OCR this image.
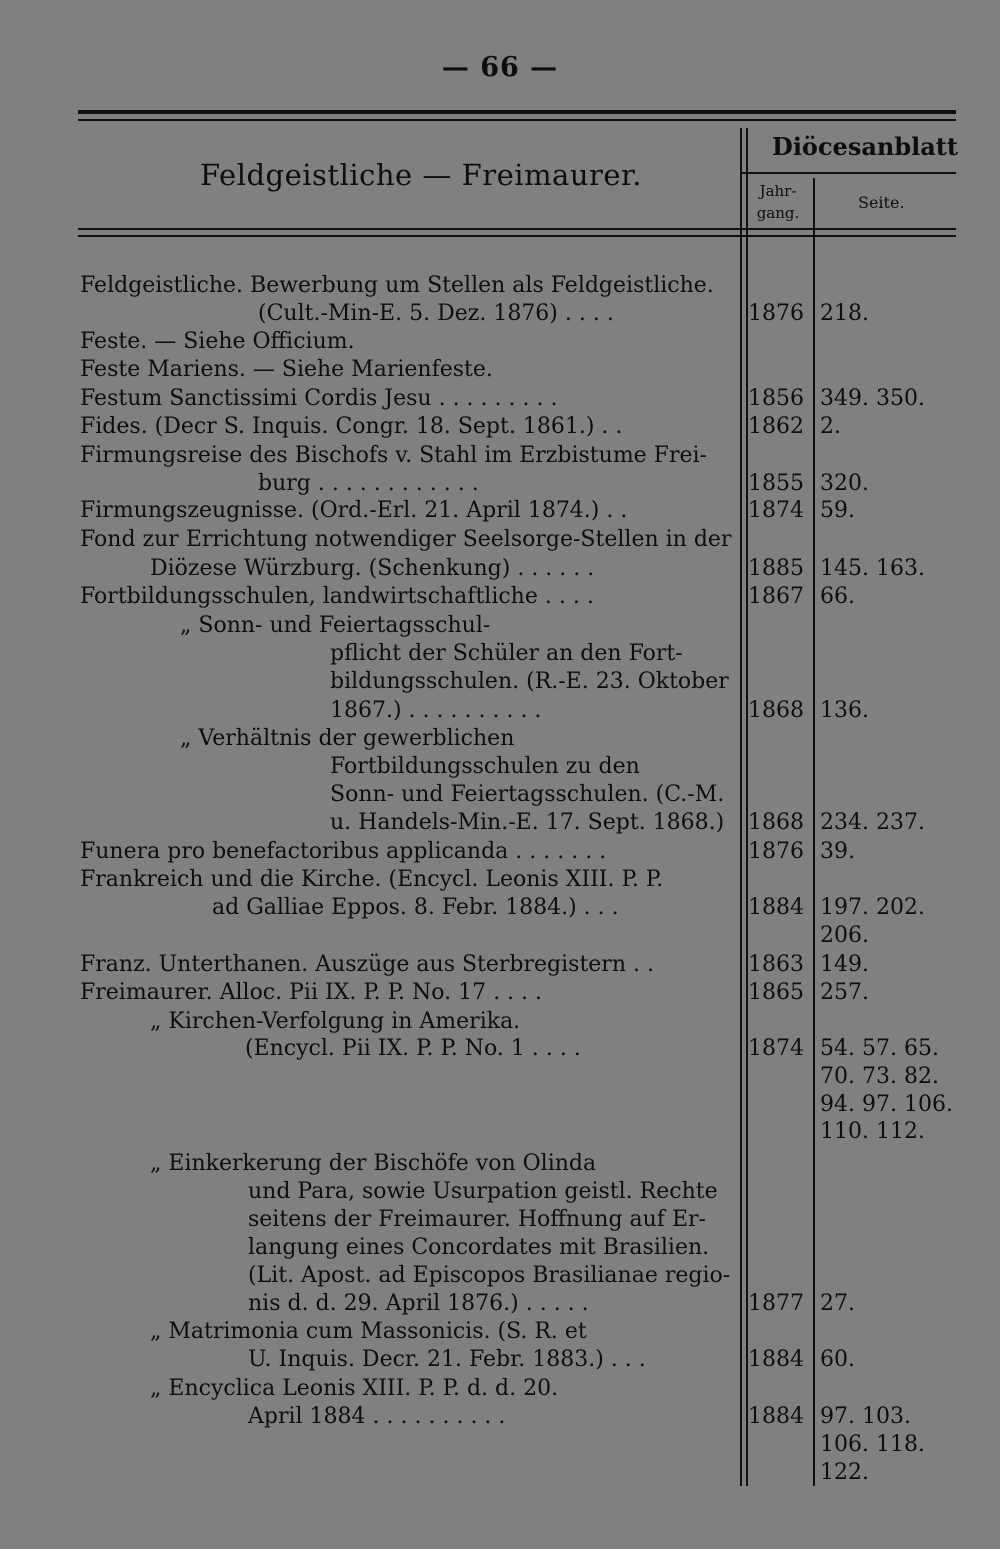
— 66 —
Feldgeistliche — Freimaurer.
Diöcesanblatt
Jahr- gang.
Seite.
Feldgeistliche. Bewerbung um Stellen als Feldgeistliche.
(Cult.-Min-E. 5. Dez. 1876) . . . .	1876 218.
Feste. — Siehe Officium.
Feste Mariens. — Siehe Marienfeste.
Festum Sanctissimi Cordis Jesu . . . . . . . . .	1856 349. 350.
Fides. (Decr S. Inquis. Congr. 18. Sept. 1861.) . .	1862 2.
Firmungsreise des Bischofs v. Stahl im Erzbistume Frei-
burg . . . . . . . . . . . .	1855 320.
Firmungszeugnisse. (Ord.-Erl. 21. April 1874.) . .	1874 59.
Fond zur Errichtung notwendiger Seelsorge-Stellen in der
Diözese Würzburg. (Schenkung) . . . . . .	1885 145. 163.
Fortbildungsschulen, landwirtschaftliche . . . .	1867 66.
„ Sonn- und Feiertagsschul-
pflicht der Schüler an den Fort-
bildungsschulen. (R.-E. 23. Oktober
1867.) . . . . . . . . . .	1868 136.
„ Verhältnis der gewerblichen
Fortbildungsschulen zu den
Sonn- und Feiertagsschulen. (C.-M.
u. Handels-Min.-E. 17. Sept. 1868.) 1868 234. 237.
Funera pro benefactoribus applicanda . . . . . . .	1876 39.
Frankreich und die Kirche. (Encycl. Leonis XIII. P. P.
ad Galliae Eppos. 8. Febr. 1884.) . . .	1884 197. 202.
206.
Franz. Unterthanen. Auszüge aus Sterbregistern . .	1863 149.
Freimaurer. Alloc. Pii IX. P. P. No. 17 . . . .	1865 257.
„ Kirchen-Verfolgung in Amerika.
(Encycl. Pii IX. P. P. No. 1 . . . .	1874 54. 57. 65.
70. 73. 82.
94. 97. 106.
110. 112.
„ Einkerkerung der Bischöfe von Olinda
und Para, sowie Usurpation geistl. Rechte
seitens der Freimaurer. Hoffnung auf Er-
langung eines Concordates mit Brasilien.
(Lit. Apost. ad Episcopos Brasilianae regio-
nis d. d. 29. April 1876.) . . . . .	1877 27.
„ Matrimonia cum Massonicis. (S. R. et
U. Inquis. Decr. 21. Febr. 1883.) . . .	1884 60.
„ Encyclica Leonis XIII. P. P. d. d. 20.
April 1884 . . . . . . . . . .	1884 97. 103.
106. 118.
122.
